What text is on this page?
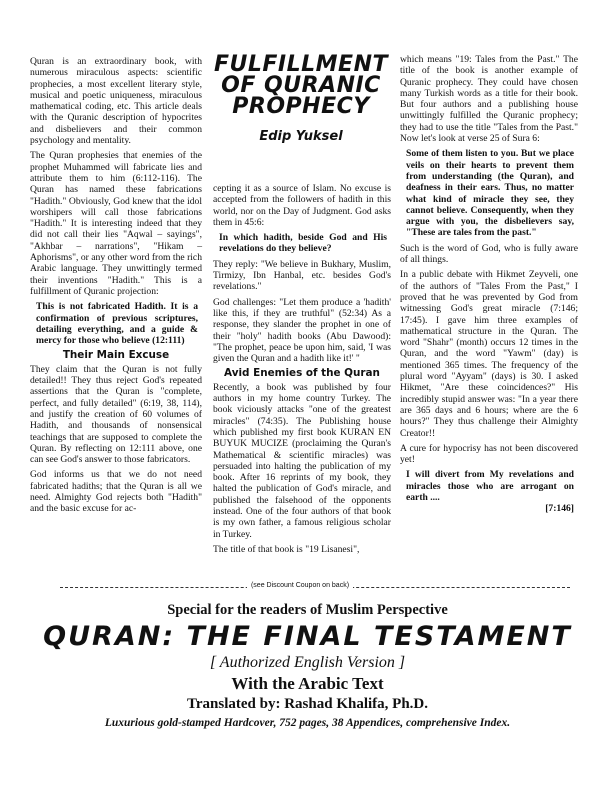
FULFILLMENT
OF QURANIC
PROPHECY
Edip Yuksel

Quran is an extraordinary book, with numerous miraculous aspects: scientific prophecies, a most excellent literary style, musical and poetic uniqueness, miraculous mathematical coding, etc. This article deals with the Quranic description of hypocrites and disbelievers and their common psychology and mentality.

The Quran prophesies that enemies of the prophet Muhammed will fabricate lies and attribute them to him (6:112-116). The Quran has named these fabrications "Hadith." Obviously, God knew that the idol worshipers will call those fabrications "Hadith." It is interesting indeed that they did not call their lies "Aqwal – sayings", "Akhbar – narrations", "Hikam – Aphorisms", or any other word from the rich Arabic language. They unwittingly termed their inventions "Hadith." This is a fulfillment of Quranic projection:

This is not fabricated Hadith. It is a confirmation of previous scriptures, detailing everything, and a guide & mercy for those who believe (12:111)

Their Main Excuse

They claim that the Quran is not fully detailed!! They thus reject God's repeated assertions that the Quran is "complete, perfect, and fully detailed" (6:19, 38, 114), and justify the creation of 60 volumes of Hadith, and thousands of nonsensical teachings that are supposed to complete the Quran. By reflecting on 12:111 above, one can see God's answer to those fabricators.

God informs us that we do not need fabricated hadiths; that the Quran is all we need. Almighty God rejects both "Hadith" and the basic excuse for ac-

cepting it as a source of Islam. No excuse is accepted from the followers of hadith in this world, nor on the Day of Judgment. God asks them in 45:6:

In which hadith, beside God and His revelations do they believe?

They reply: "We believe in Bukhary, Muslim, Tirmizy, Ibn Hanbal, etc. besides God's revelations."

God challenges: "Let them produce a 'hadith' like this, if they are truthful" (52:34) As a response, they slander the prophet in one of their "holy" hadith books (Abu Dawood): "The prophet, peace be upon him, said, 'I was given the Quran and a hadith like it!' "

Avid Enemies of the Quran

Recently, a book was published by four authors in my home country Turkey. The book viciously attacks "one of the greatest miracles" (74:35). The Publishing house which published my first book KURAN EN BUYUK MUCIZE (proclaiming the Quran's Mathematical & scientific miracles) was persuaded into halting the publication of my book. After 16 reprints of my book, they halted the publication of God's miracle, and published the falsehood of the opponents instead. One of the four authors of that book is my own father, a famous religious scholar in Turkey.

The title of that book is "19 Lisanesi",

which means "19: Tales from the Past." The title of the book is another example of Quranic prophecy. They could have chosen many Turkish words as a title for their book. But four authors and a publishing house unwittingly fulfilled the Quranic prophecy; they had to use the title "Tales from the Past." Now let's look at verse 25 of Sura 6:

Some of them listen to you. But we place veils on their hearts to prevent them from understanding (the Quran), and deafness in their ears. Thus, no matter what kind of miracle they see, they cannot believe. Consequently, when they argue with you, the disbelievers say, "These are tales from the past."

Such is the word of God, who is fully aware of all things.

In a public debate with Hikmet Zeyveli, one of the authors of "Tales From the Past," I proved that he was prevented by God from witnessing God's great miracle (7:146; 17:45). I gave him three examples of mathematical structure in the Quran. The word "Shahr" (month) occurs 12 times in the Quran, and the word "Yawm" (day) is mentioned 365 times. The frequency of the plural word "Ayyam" (days) is 30. I asked Hikmet, "Are these coincidences?" His incredibly stupid answer was: "In a year there are 365 days and 6 hours; where are the 6 hours?" They thus challenge their Almighty Creator!!

A cure for hypocrisy has not been discovered yet!

I will divert from My revelations and miracles those who are arrogant on earth ....
[7:146]

(see Discount Coupon on back)
Special for the readers of Muslim Perspective
QURAN: THE FINAL TESTAMENT
[ Authorized English Version ]
With the Arabic Text
Translated by: Rashad Khalifa, Ph.D.
Luxurious gold-stamped Hardcover, 752 pages, 38 Appendices, comprehensive Index.
